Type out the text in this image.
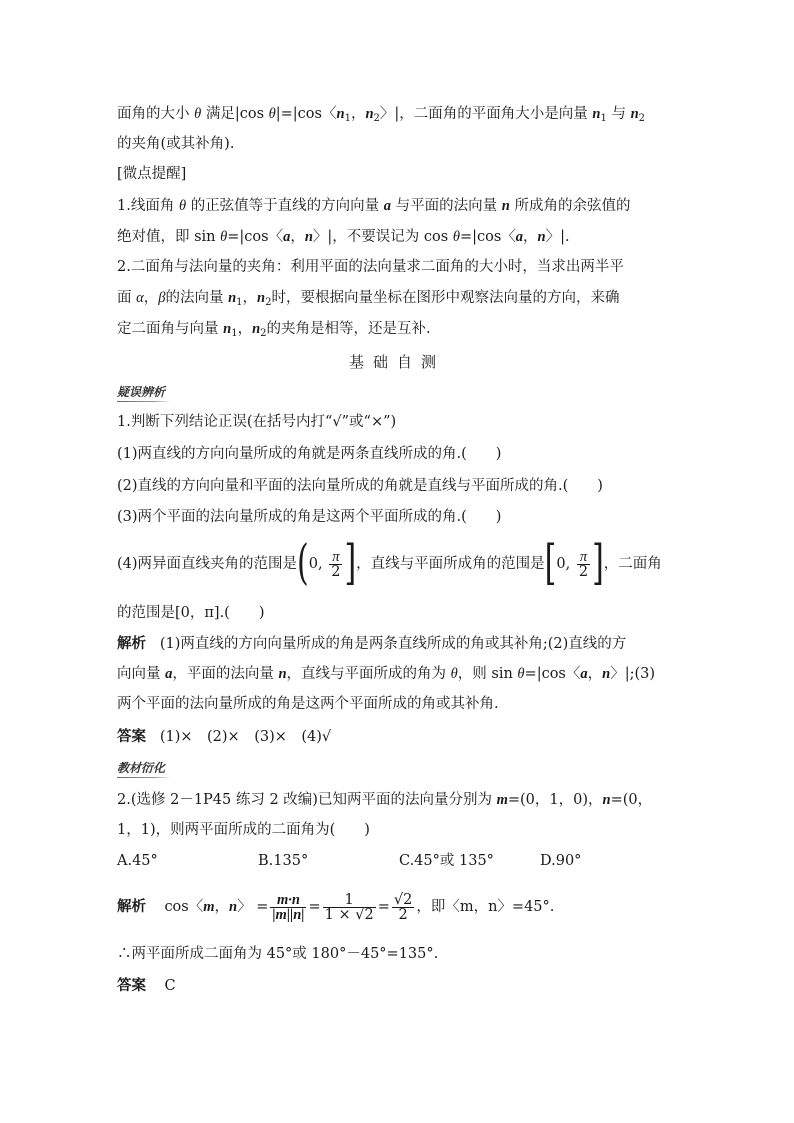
面角的大小 θ 满足|cos θ|=|cos〈$n_1$，$n_2$〉|，二面角的平面角大小是向量 $n_1$ 与 $n_2$
的夹角(或其补角).
[微点提醒]
1.线面角 θ 的正弦值等于直线的方向向量 a 与平面的法向量 n 所成角的余弦值的
绝对值，即 sin θ=|cos〈a，n〉|，不要误记为 cos θ=|cos〈a，n〉|.
2.二面角与法向量的夹角：利用平面的法向量求二面角的大小时，当求出两半平
面 α，β的法向量 $n_1$，$n_2$时，要根据向量坐标在图形中观察法向量的方向，来确
定二面角与向量 $n_1$，$n_2$的夹角是相等，还是互补.
基础自测
疑误辨析
1.判断下列结论正误(在括号内打“√”或“×”)
(1)两直线的方向向量所成的角就是两条直线所成的角.(　　)
(2)直线的方向向量和平面的法向量所成的角就是直线与平面所成的角.(　　)
(3)两个平面的法向量所成的角是这两个平面所成的角.(　　)
(4)两异面直线夹角的范围是(0, $\frac{\pi}{2}$ ]，直线与平面所成角的范围是[0, $\frac{\pi}{2}$ ]，二面角
的范围是[0，π].(　　)
解析 (1)两直线的方向向量所成的角是两条直线所成的角或其补角;(2)直线的方
向向量 a，平面的法向量 n，直线与平面所成的角为 θ，则 sin θ=|cos〈a，n〉|;(3)
两个平面的法向量所成的角是这两个平面所成的角或其补角.
答案 (1)×　(2)×　(3)×　(4)√
教材衍化
2.(选修 2－1P45 练习 2 改编)已知两平面的法向量分别为 m=(0，1，0)，n=(0，
1，1)，则两平面所成的二面角为(　　)
A.45°	B.135°	C.45°或 135°	D.90°
解析 cos〈m，n〉 = $\frac{m\cdot n}{|m||n|} = \frac{1}{1 \times √2} = \frac{√2}{2}$ ，即〈m，n〉=45°.
∴两平面所成二面角为 45°或 180°－45°=135°.
答案 C
